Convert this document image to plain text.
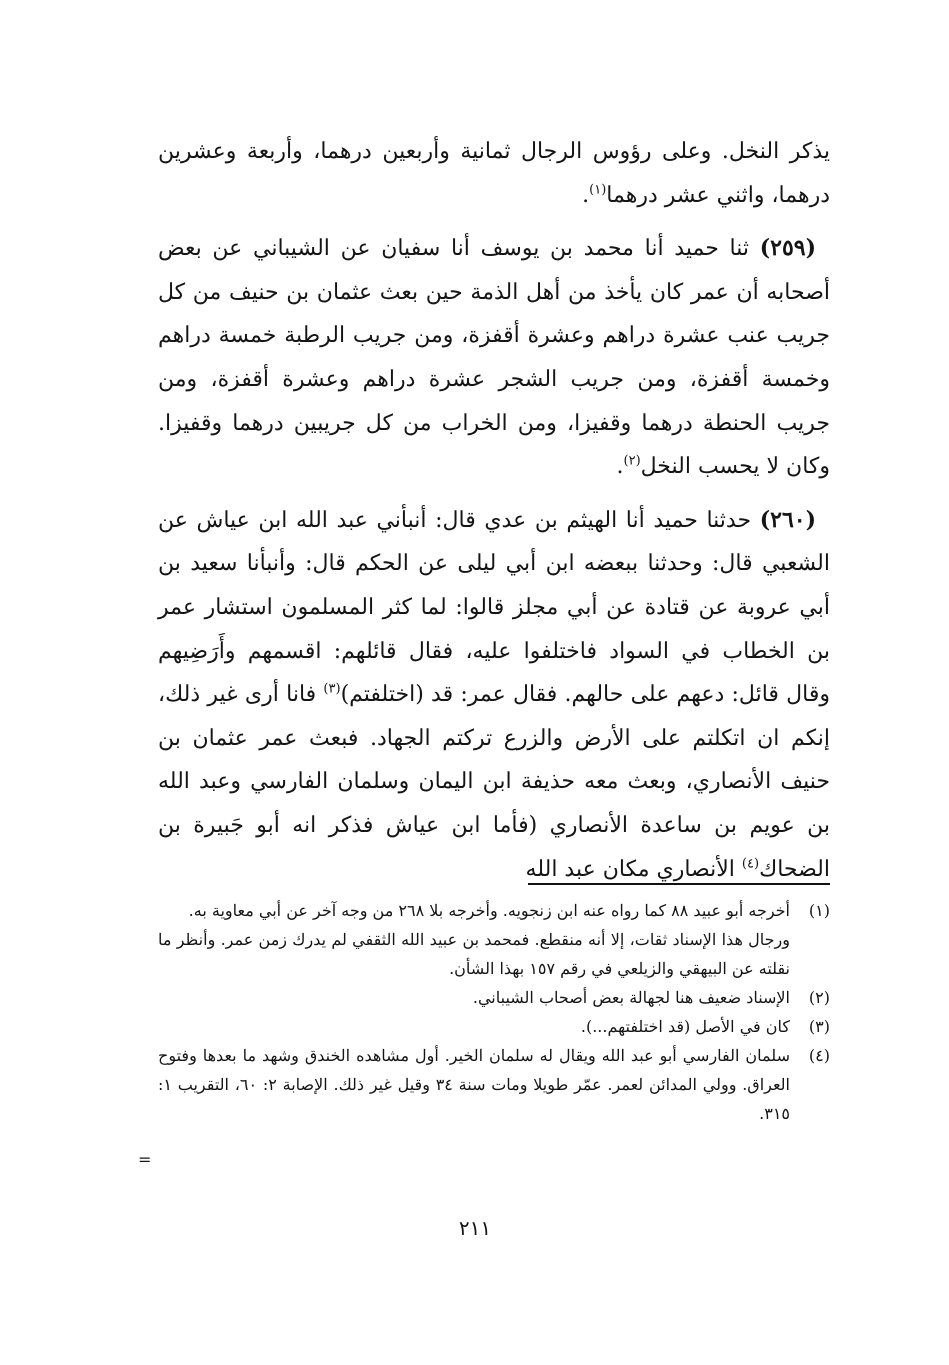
يذكر النخل. وعلى رؤوس الرجال ثمانية وأربعين درهما، وأربعة وعشرين درهما، واثني عشر درهما$^{(١)}$.

(٢٥٩) ثنا حميد أنا محمد بن يوسف أنا سفيان عن الشيباني عن بعض أصحابه أن عمر كان يأخذ من أهل الذمة حين بعث عثمان بن حنيف من كل جريب عنب عشرة دراهم وعشرة أقفزة، ومن جريب الرطبة خمسة دراهم وخمسة أقفزة، ومن جريب الشجر عشرة دراهم وعشرة أقفزة، ومن جريب الحنطة درهما وقفيزا، ومن الخراب من كل جريبين درهما وقفيزا. وكان لا يحسب النخل$^{(٢)}$.

(٢٦٠) حدثنا حميد أنا الهيثم بن عدي قال: أنبأني عبد الله ابن عياش عن الشعبي قال: وحدثنا ببعضه ابن أبي ليلى عن الحكم قال: وأنبأنا سعيد بن أبي عروبة عن قتادة عن أبي مجلز قالوا: لما كثر المسلمون استشار عمر بن الخطاب في السواد فاختلفوا عليه، فقال قائلهم: اقسمهم وأَرَضِيهم وقال قائل: دعهم على حالهم. فقال عمر: قد (اختلفتم)$^{(٣)}$ فانا أرى غير ذلك، إنكم ان اتكلتم على الأرض والزرع تركتم الجهاد. فبعث عمر عثمان بن حنيف الأنصاري، وبعث معه حذيفة ابن اليمان وسلمان الفارسي وعبد الله بن عويم بن ساعدة الأنصاري (فأما ابن عياش فذكر انه أبو جَبيرة بن الضحاك$^{(٤)}$ الأنصاري مكان عبد الله

(١)

أخرجه أبو عبيد ٨٨ كما رواه عنه ابن زنجويه. وأخرجه بلا ٢٦٨ من وجه آخر عن أبي معاوية به.

ورجال هذا الإسناد ثقات، إلا أنه منقطع. فمحمد بن عبيد الله الثقفي لم يدرك زمن عمر. وأنظر ما نقلته عن البيهقي والزيلعي في رقم ١٥٧ بهذا الشأن.

(٢)

الإسناد ضعيف هنا لجهالة بعض أصحاب الشيباني.

(٣)

كان في الأصل (قد اختلفتهم...).

(٤)

سلمان الفارسي أبو عبد الله ويقال له سلمان الخير. أول مشاهده الخندق وشهد ما بعدها وفتوح العراق. وولي المدائن لعمر. عمّر طويلا ومات سنة ٣٤ وقيل غير ذلك. الإصابة ٢: ٦٠، التقريب ١: ٣١٥.

=
٢١١
